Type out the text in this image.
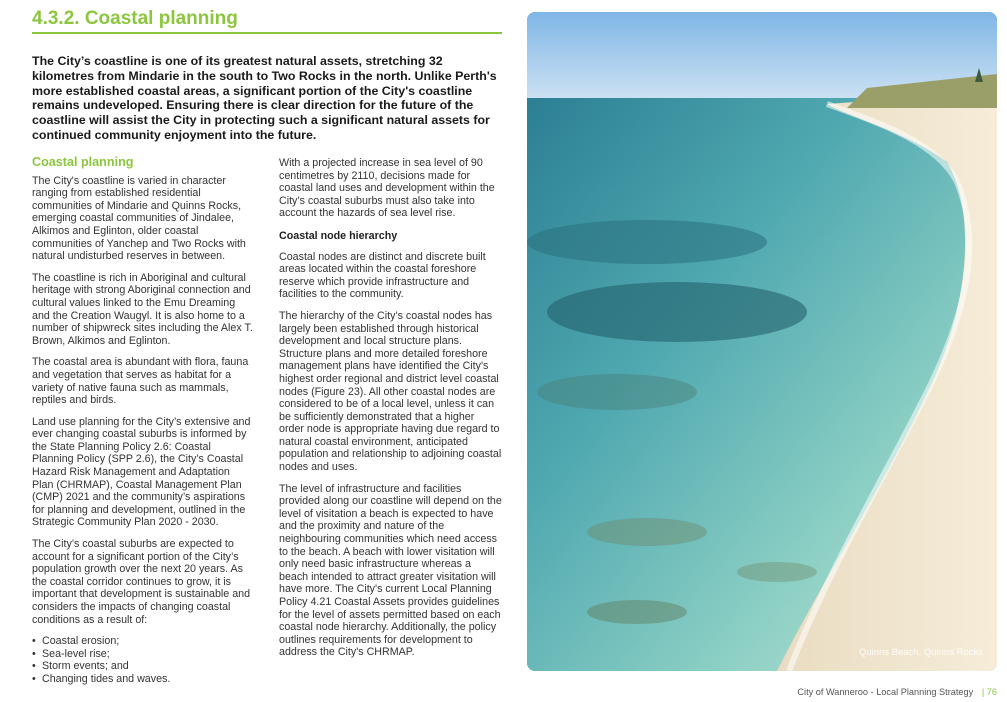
4.3.2. Coastal planning

The City’s coastline is one of its greatest natural assets, stretching 32 kilometres from Mindarie in the south to Two Rocks in the north. Unlike Perth's more established coastal areas, a significant portion of the City's coastline remains undeveloped. Ensuring there is clear direction for the future of the coastline will assist the City in protecting such a significant natural assets for continued community enjoyment into the future.

Coastal planning

The City's coastline is varied in character ranging from established residential communities of Mindarie and Quinns Rocks, emerging coastal communities of Jindalee, Alkimos and Eglinton, older coastal communities of Yanchep and Two Rocks with natural undisturbed reserves in between.

The coastline is rich in Aboriginal and cultural heritage with strong Aboriginal connection and cultural values linked to the Emu Dreaming and the Creation Waugyl. It is also home to a number of shipwreck sites including the Alex T. Brown, Alkimos and Eglinton.

The coastal area is abundant with flora, fauna and vegetation that serves as habitat for a variety of native fauna such as mammals, reptiles and birds.

Land use planning for the City’s extensive and ever changing coastal suburbs is informed by the State Planning Policy 2.6: Coastal Planning Policy (SPP 2.6), the City’s Coastal Hazard Risk Management and Adaptation Plan (CHRMAP), Coastal Management Plan (CMP) 2021 and the community’s aspirations for planning and development, outlined in the Strategic Community Plan 2020 - 2030.

The City’s coastal suburbs are expected to account for a significant portion of the City’s population growth over the next 20 years. As the coastal corridor continues to grow, it is important that development is sustainable and considers the impacts of changing coastal conditions as a result of:

• Coastal erosion;
• Sea-level rise;
• Storm events; and
• Changing tides and waves.

With a projected increase in sea level of 90 centimetres by 2110, decisions made for coastal land uses and development within the City’s coastal suburbs must also take into account the hazards of sea level rise.

Coastal node hierarchy

Coastal nodes are distinct and discrete built areas located within the coastal foreshore reserve which provide infrastructure and facilities to the community.

The hierarchy of the City’s coastal nodes has largely been established through historical development and local structure plans. Structure plans and more detailed foreshore management plans have identified the City's highest order regional and district level coastal nodes (Figure 23). All other coastal nodes are considered to be of a local level, unless it can be sufficiently demonstrated that a higher order node is appropriate having due regard to natural coastal environment, anticipated population and relationship to adjoining coastal nodes and uses.

The level of infrastructure and facilities provided along our coastline will depend on the level of visitation a beach is expected to have and the proximity and nature of the neighbouring communities which need access to the beach. A beach with lower visitation will only need basic infrastructure whereas a beach intended to attract greater visitation will have more. The City's current Local Planning Policy 4.21 Coastal Assets provides guidelines for the level of assets permitted based on each coastal node hierarchy. Additionally, the policy outlines requirements for development to address the City's CHRMAP.	Quinns Beach, Quinns Rocks
City of Wanneroo - Local Planning Strategy | 76
